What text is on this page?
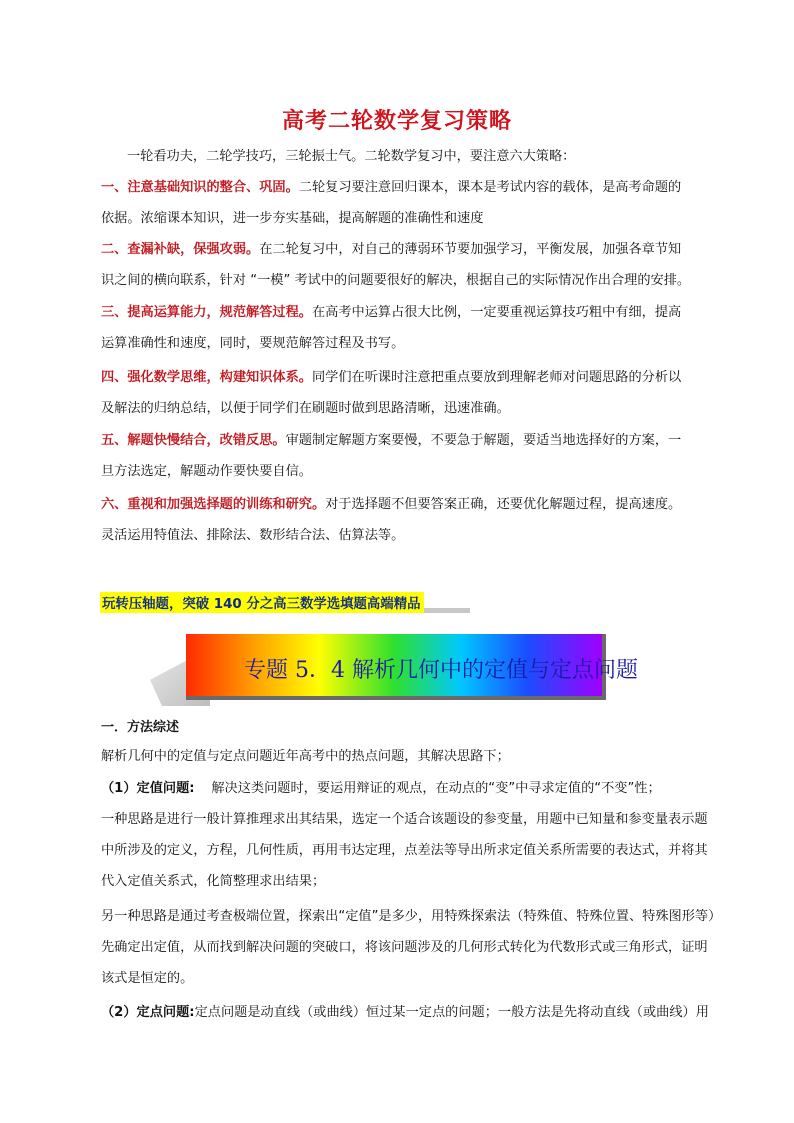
高考二轮数学复习策略
一轮看功夫，二轮学技巧，三轮振士气。二轮数学复习中，要注意六大策略：
一、注意基础知识的整合、巩固。二轮复习要注意回归课本，课本是考试内容的载体，是高考命题的
依据。浓缩课本知识，进一步夯实基础，提高解题的准确性和速度
二、查漏补缺，保强攻弱。在二轮复习中，对自己的薄弱环节要加强学习，平衡发展，加强各章节知
识之间的横向联系，针对 “一模” 考试中的问题要很好的解决，根据自己的实际情况作出合理的安排。
三、提高运算能力，规范解答过程。在高考中运算占很大比例，一定要重视运算技巧粗中有细，提高
运算准确性和速度，同时，要规范解答过程及书写。
四、强化数学思维，构建知识体系。同学们在听课时注意把重点要放到理解老师对问题思路的分析以
及解法的归纳总结，以便于同学们在刷题时做到思路清晰，迅速准确。
五、解题快慢结合，改错反思。审题制定解题方案要慢，不要急于解题，要适当地选择好的方案，一
旦方法选定，解题动作要快要自信。
六、重视和加强选择题的训练和研究。对于选择题不但要答案正确，还要优化解题过程，提高速度。
灵活运用特值法、排除法、数形结合法、估算法等。
玩转压轴题，突破 140 分之高三数学选填题高端精品
专题 5．4 解析几何中的定值与定点问题
一．方法综述
解析几何中的定值与定点问题近年高考中的热点问题，其解决思路下；
（1）定值问题: 解决这类问题时，要运用辩证的观点，在动点的“变”中寻求定值的“不变”性；
一种思路是进行一般计算推理求出其结果，选定一个适合该题设的参变量，用题中已知量和参变量表示题
中所涉及的定义，方程，几何性质，再用韦达定理，点差法等导出所求定值关系所需要的表达式，并将其
代入定值关系式，化简整理求出结果；
另一种思路是通过考查极端位置，探索出“定值”是多少，用特殊探索法（特殊值、特殊位置、特殊图形等）
先确定出定值，从而找到解决问题的突破口，将该问题涉及的几何形式转化为代数形式或三角形式，证明
该式是恒定的。
（2）定点问题:定点问题是动直线（或曲线）恒过某一定点的问题；一般方法是先将动直线（或曲线）用
